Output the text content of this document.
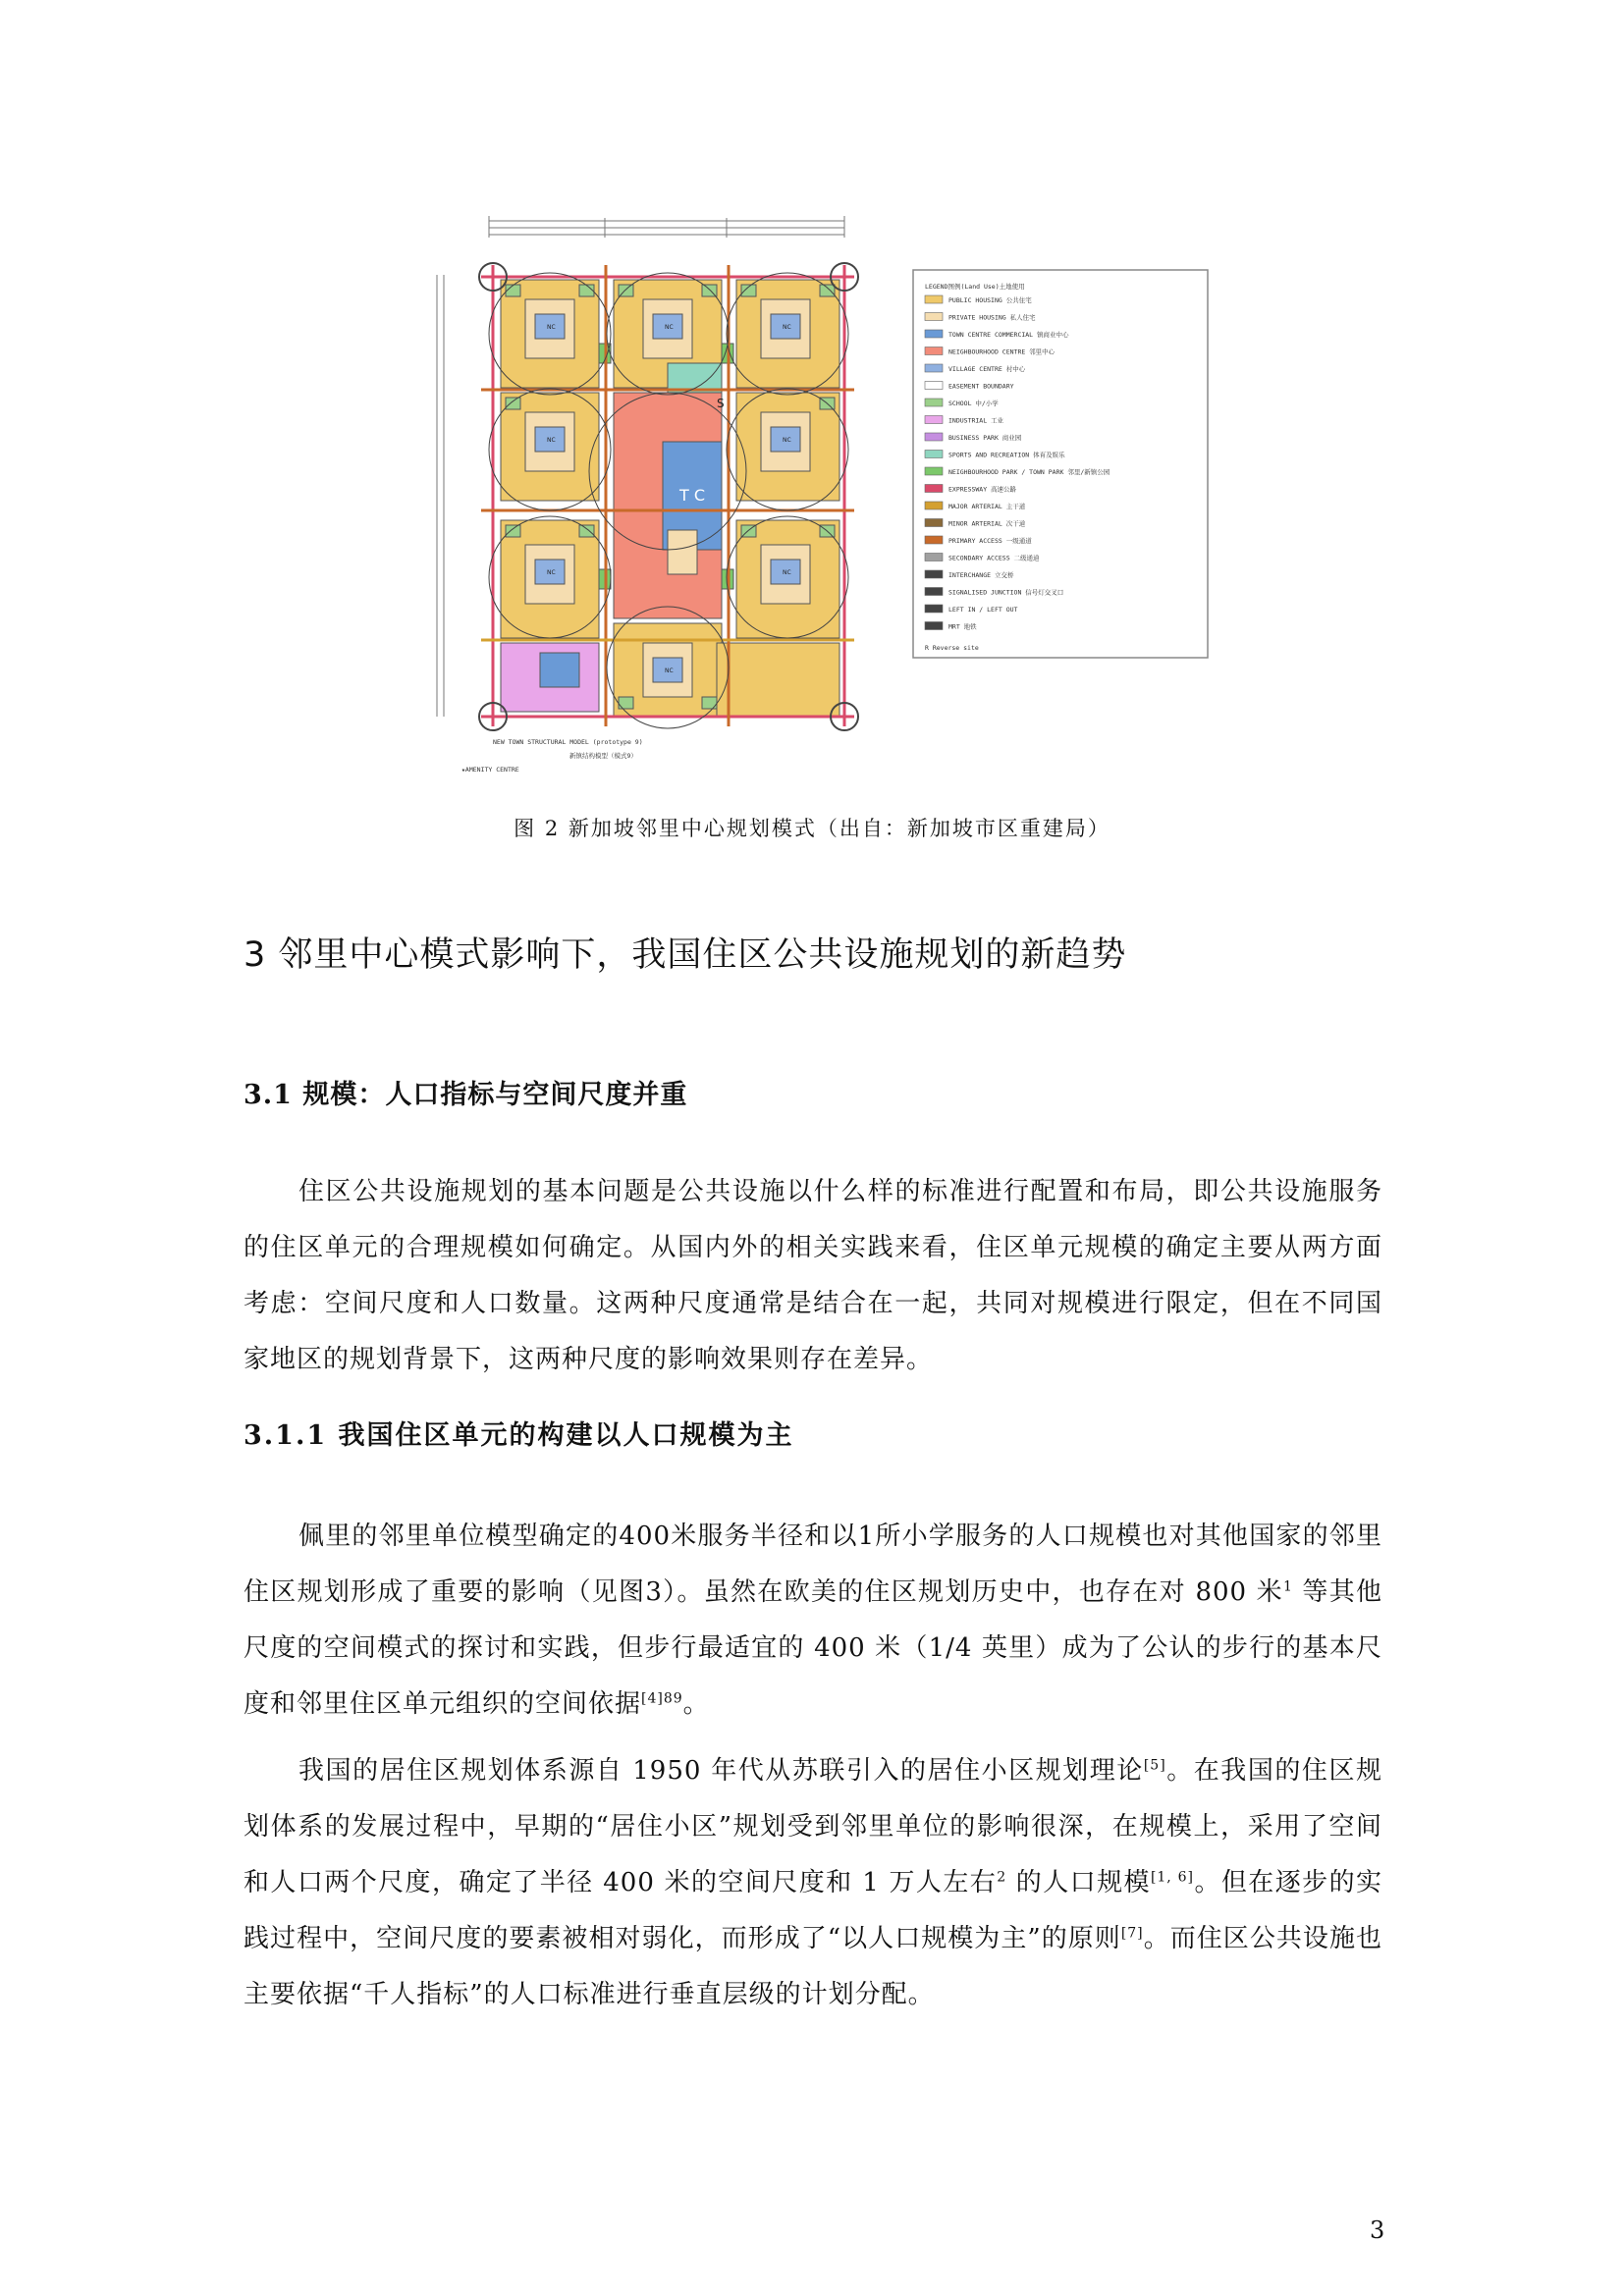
NC	NC	NC
NC	NC
NC	NC
NC
T C
S
LEGEND图例(Land Use)土地使用
PUBLIC HOUSING 公共住宅
PRIVATE HOUSING 私人住宅
TOWN CENTRE COMMERCIAL 镇商业中心
NEIGHBOURHOOD CENTRE 邻里中心
VILLAGE CENTRE 村中心
EASEMENT BOUNDARY
SCHOOL 中/小学
INDUSTRIAL 工业
BUSINESS PARK 商业园
SPORTS AND RECREATION 体育及娱乐
NEIGHBOURHOOD PARK / TOWN PARK 邻里/新镇公园
EXPRESSWAY 高速公路
MAJOR ARTERIAL 主干道
MINOR ARTERIAL 次干道
PRIMARY ACCESS 一级通道
SECONDARY ACCESS 二级通道
INTERCHANGE 立交桥
SIGNALISED JUNCTION 信号灯交叉口
LEFT IN / LEFT OUT
MRT 地铁
R Reverse site
NEW TOWN STRUCTURAL MODEL (prototype 9)
新镇结构模型（模式9）
★AMENITY CENTRE
图 2 新加坡邻里中心规划模式（出自：新加坡市区重建局）
3 邻里中心模式影响下，我国住区公共设施规划的新趋势
3.1 规模：人口指标与空间尺度并重
住区公共设施规划的基本问题是公共设施以什么样的标准进行配置和布局，即公共设施服务的住区单元的合理规模如何确定。从国内外的相关实践来看，住区单元规模的确定主要从两方面考虑：空间尺度和人口数量。这两种尺度通常是结合在一起，共同对规模进行限定，但在不同国家地区的规划背景下，这两种尺度的影响效果则存在差异。
3.1.1 我国住区单元的构建以人口规模为主
佩里的邻里单位模型确定的400米服务半径和以1所小学服务的人口规模也对其他国家的邻里住区规划形成了重要的影响（见图3）。虽然在欧美的住区规划历史中，也存在对 800 米$^1$ 等其他尺度的空间模式的探讨和实践，但步行最适宜的 400 米（1/4 英里）成为了公认的步行的基本尺度和邻里住区单元组织的空间依据$^{[4]89}$。
我国的居住区规划体系源自 1950 年代从苏联引入的居住小区规划理论[5]。在我国的住区规划体系的发展过程中，早期的“居住小区”规划受到邻里单位的影响很深，在规模上，采用了空间和人口两个尺度，确定了半径 400 米的空间尺度和 1 万人左右$^2$ 的人口规模[1, 6]。但在逐步的实践过程中，空间尺度的要素被相对弱化，而形成了“以人口规模为主”的原则[7]。而住区公共设施也主要依据“千人指标”的人口标准进行垂直层级的计划分配。
3
